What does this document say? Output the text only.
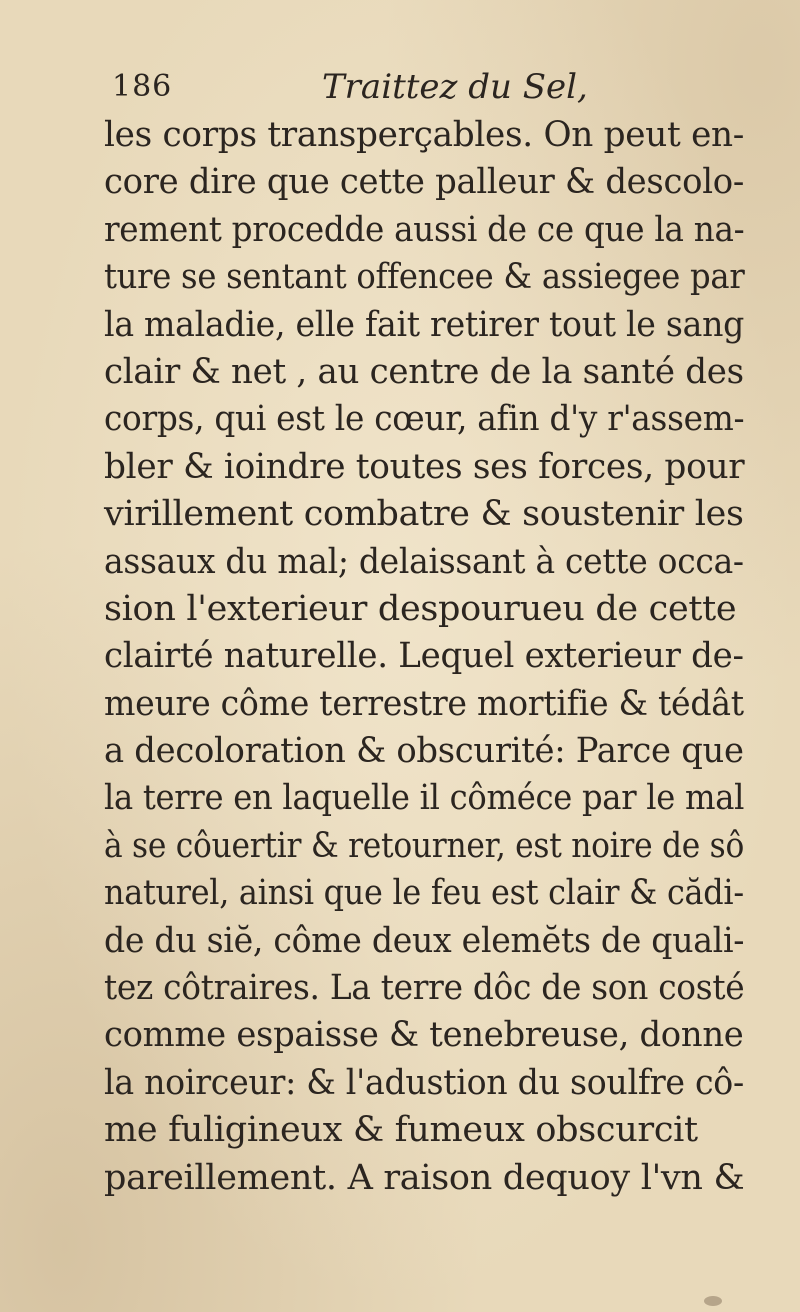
186	Traittez du Sel,
les corps transperçables. On peut en-
core dire que cette palleur & descolo-
rement procedde aussi de ce que la na-
ture se sentant offencee & assiegee par
la maladie, elle fait retirer tout le sang
clair & net , au centre de la santé des
corps, qui est le cœur, afin d'y r'assem-
bler & ioindre toutes ses forces, pour
virillement combatre & soustenir les
assaux du mal; delaissant à cette occa-
sion l'exterieur despourueu de cette
clairté naturelle. Lequel exterieur de-
meure côme terrestre mortifie & tédât
a decoloration & obscurité: Parce que
la terre en laquelle il côméce par le mal
à se côuertir & retourner, est noire de sô
naturel, ainsi que le feu est clair & cădi-
de du siĕ, côme deux elemĕts de quali-
tez côtraires. La terre dôc de son costé
comme espaisse & tenebreuse, donne
la noirceur: & l'adustion du soulfre cô-
me fuligineux & fumeux obscurcit
pareillement. A raison dequoy l'vn &
